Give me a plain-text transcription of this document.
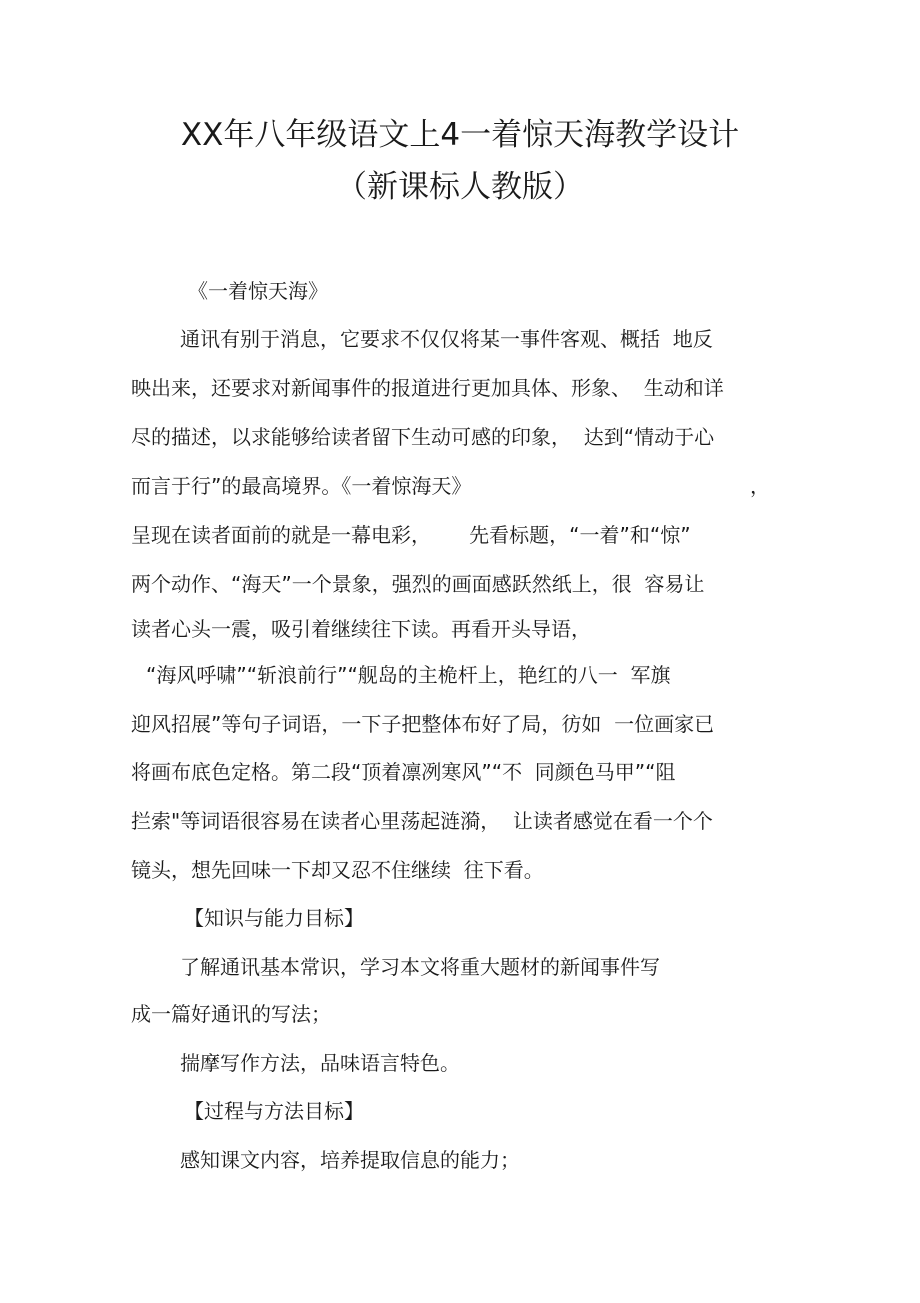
XX年八年级语文上4一着惊天海教学设计
（新课标人教版）
《一着惊天海》
通讯有别于消息，它要求不仅仅将某一事件客观、概括  地反
映出来，还要求对新闻事件的报道进行更加具体、形象、  生动和详
尽的描述，以求能够给读者留下生动可感的印象，  达到“情动于心
而言于行”的最高境界。《一着惊海天》	，
呈现在读者面前的就是一幕电彩，      先看标题，“一着”和“惊”
两个动作、“海天”一个景象，强烈的画面感跃然纸上，很  容易让
读者心头一震，吸引着继续往下读。再看开头导语，
“海风呼啸”“斩浪前行”“舰岛的主桅杆上，艳红的八一  军旗
迎风招展”等句子词语，一下子把整体布好了局，彷如  一位画家已
将画布底色定格。第二段“顶着凛冽寒风”“不  同颜色马甲”“阻
拦索"等词语很容易在读者心里荡起涟漪，  让读者感觉在看一个个
镜头，想先回味一下却又忍不住继续  往下看。
【知识与能力目标】
了解通讯基本常识，学习本文将重大题材的新闻事件写
成一篇好通讯的写法；
揣摩写作方法，品味语言特色。
【过程与方法目标】
感知课文内容，培养提取信息的能力；
